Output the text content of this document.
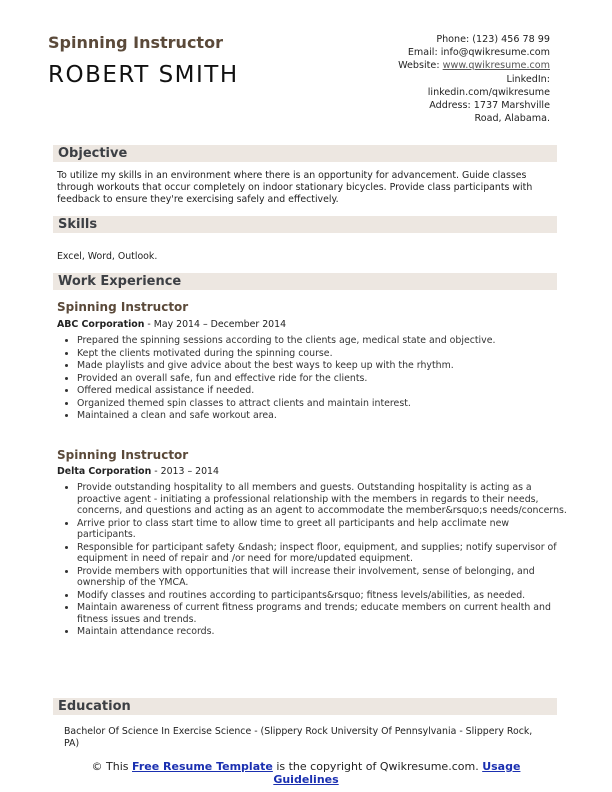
Spinning Instructor
ROBERT SMITH
Phone: (123) 456 78 99
Email: info@qwikresume.com
Website: www.qwikresume.com
LinkedIn:
linkedin.com/qwikresume
Address: 1737 Marshville Road, Alabama.
Objective
To utilize my skills in an environment where there is an opportunity for advancement. Guide classes through workouts that occur completely on indoor stationary bicycles. Provide class participants with feedback to ensure they're exercising safely and effectively.
Skills
Excel, Word, Outlook.
Work Experience
Spinning Instructor
ABC Corporation - May 2014 – December 2014
• Prepared the spinning sessions according to the clients age, medical state and objective.
• Kept the clients motivated during the spinning course.
• Made playlists and give advice about the best ways to keep up with the rhythm.
• Provided an overall safe, fun and effective ride for the clients.
• Offered medical assistance if needed.
• Organized themed spin classes to attract clients and maintain interest.
• Maintained a clean and safe workout area.
Spinning Instructor
Delta Corporation - 2013 – 2014
• Provide outstanding hospitality to all members and guests. Outstanding hospitality is acting as a proactive agent - initiating a professional relationship with the members in regards to their needs, concerns, and questions and acting as an agent to accommodate the member&rsquo;s needs/concerns.
• Arrive prior to class start time to allow time to greet all participants and help acclimate new participants.
• Responsible for participant safety &ndash; inspect floor, equipment, and supplies; notify supervisor of equipment in need of repair and /or need for more/updated equipment.
• Provide members with opportunities that will increase their involvement, sense of belonging, and ownership of the YMCA.
• Modify classes and routines according to participants&rsquo; fitness levels/abilities, as needed.
• Maintain awareness of current fitness programs and trends; educate members on current health and fitness issues and trends.
• Maintain attendance records.
Education
Bachelor Of Science In Exercise Science - (Slippery Rock University Of Pennsylvania - Slippery Rock, PA)
© This Free Resume Template is the copyright of Qwikresume.com. Usage Guidelines
